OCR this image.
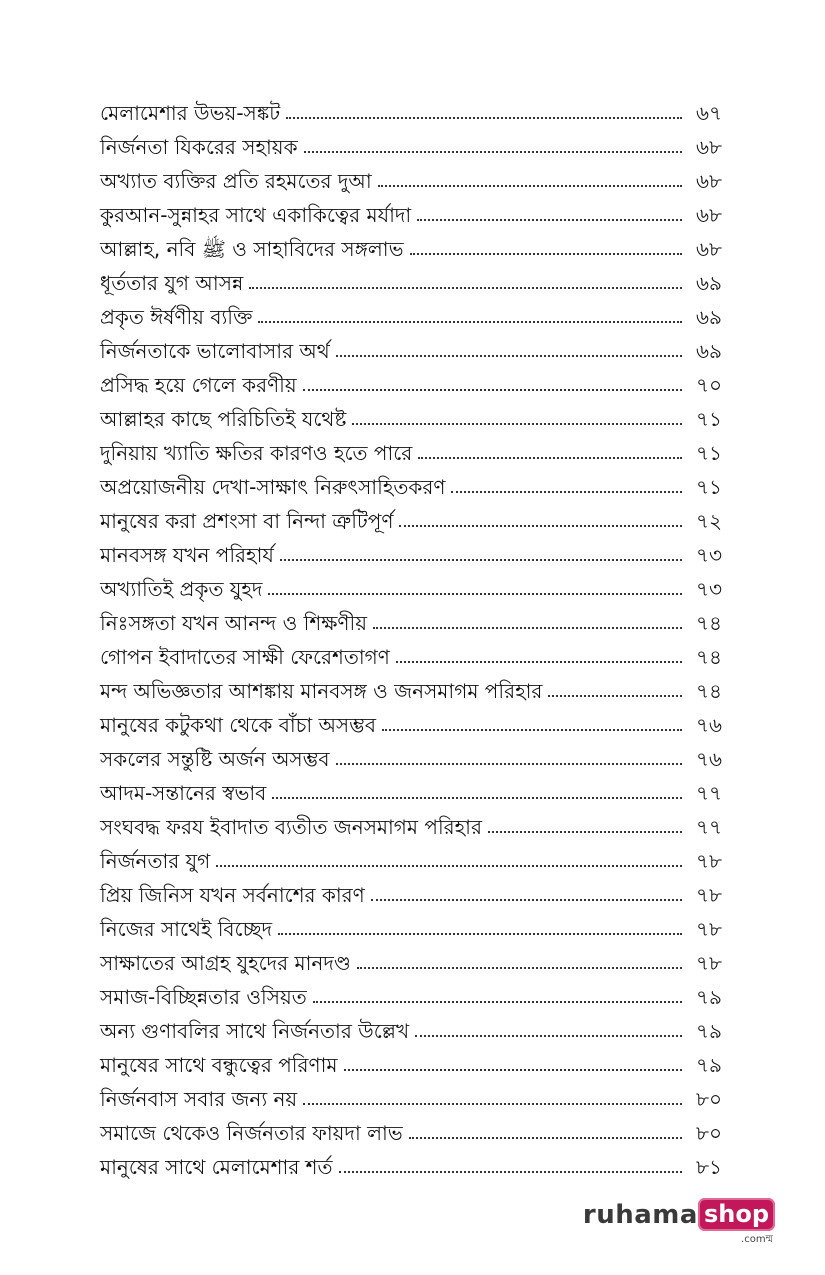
মেলামেশার উভয়-সঙ্কট	৬৭
নির্জনতা যিকরের সহায়ক	৬৮
অখ্যাত ব্যক্তির প্রতি রহমতের দুআ	৬৮
কুরআন-সুন্নাহর সাথে একাকিত্বের মর্যাদা	৬৮
আল্লাহ, নবি ﷺ ও সাহাবিদের সঙ্গলাভ	৬৮
ধূর্ততার যুগ আসন্ন	৬৯
প্রকৃত ঈর্ষণীয় ব্যক্তি	৬৯
নির্জনতাকে ভালোবাসার অর্থ	৬৯
প্রসিদ্ধ হয়ে গেলে করণীয়	৭০
আল্লাহর কাছে পরিচিতিই যথেষ্ট	৭১
দুনিয়ায় খ্যাতি ক্ষতির কারণও হতে পারে	৭১
অপ্রয়োজনীয় দেখা-সাক্ষাৎ নিরুৎসাহিতকরণ	৭১
মানুষের করা প্রশংসা বা নিন্দা ত্রুটিপূর্ণ	৭২
মানবসঙ্গ যখন পরিহার্য	৭৩
অখ্যাতিই প্রকৃত যুহদ	৭৩
নিঃসঙ্গতা যখন আনন্দ ও শিক্ষণীয়	৭৪
গোপন ইবাদাতের সাক্ষী ফেরেশতাগণ	৭৪
মন্দ অভিজ্ঞতার আশঙ্কায় মানবসঙ্গ ও জনসমাগম পরিহার	৭৪
মানুষের কটুকথা থেকে বাঁচা অসম্ভব	৭৬
সকলের সন্তুষ্টি অর্জন অসম্ভব	৭৬
আদম-সন্তানের স্বভাব	৭৭
সংঘবদ্ধ ফরয ইবাদাত ব্যতীত জনসমাগম পরিহার	৭৭
নির্জনতার যুগ	৭৮
প্রিয় জিনিস যখন সর্বনাশের কারণ	৭৮
নিজের সাথেই বিচ্ছেদ	৭৮
সাক্ষাতের আগ্রহ যুহদের মানদণ্ড	৭৮
সমাজ-বিচ্ছিন্নতার ওসিয়ত	৭৯
অন্য গুণাবলির সাথে নির্জনতার উল্লেখ	৭৯
মানুষের সাথে বন্ধুত্বের পরিণাম	৭৯
নির্জনবাস সবার জন্য নয়	৮০
সমাজে থেকেও নির্জনতার ফায়দা লাভ	৮০
মানুষের সাথে মেলামেশার শর্ত	৮১
ruhama shop
.comম্ম
